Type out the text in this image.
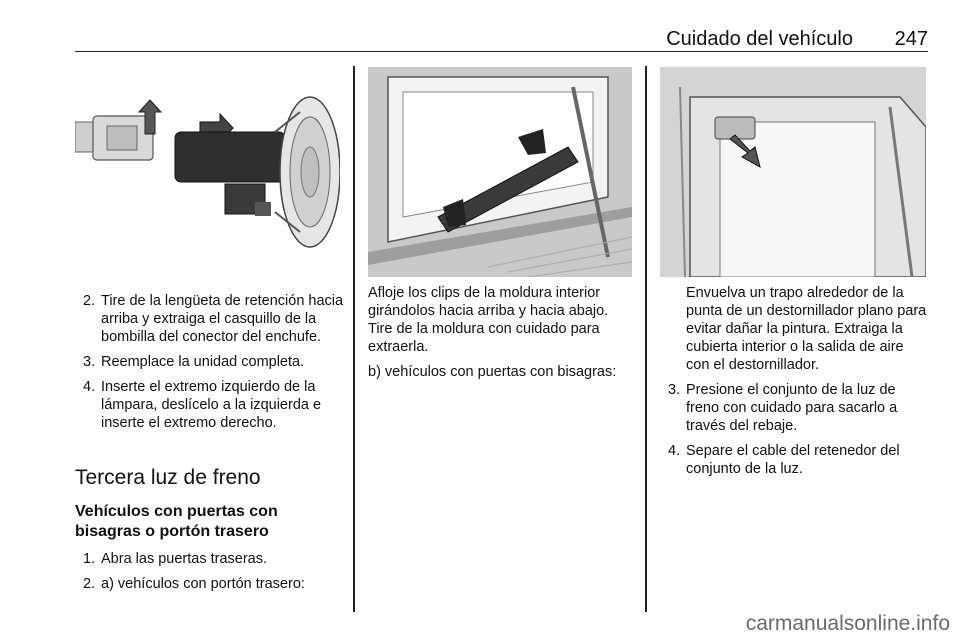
Cuidado del vehículo 247
2. Tire de la lengüeta de retención hacia arriba y extraiga el casquillo de la bombilla del conector del enchufe.
3. Reemplace la unidad completa.
4. Inserte el extremo izquierdo de la lámpara, deslícelo a la izquierda e inserte el extremo derecho.
Tercera luz de freno
Vehículos con puertas con bisagras o portón trasero
1. Abra las puertas traseras.
2. a) vehículos con portón trasero:

Afloje los clips de la moldura interior girándolos hacia arriba y hacia abajo. Tire de la moldura con cuidado para extraerla.

b) vehículos con puertas con bisagras:

Envuelva un trapo alrededor de la punta de un destornillador plano para evitar dañar la pintura. Extraiga la cubierta interior o la salida de aire con el destornillador.

3. Presione el conjunto de la luz de freno con cuidado para sacarlo a través del rebaje.
4. Separe el cable del retenedor del conjunto de la luz.
carmanualsonline.info
